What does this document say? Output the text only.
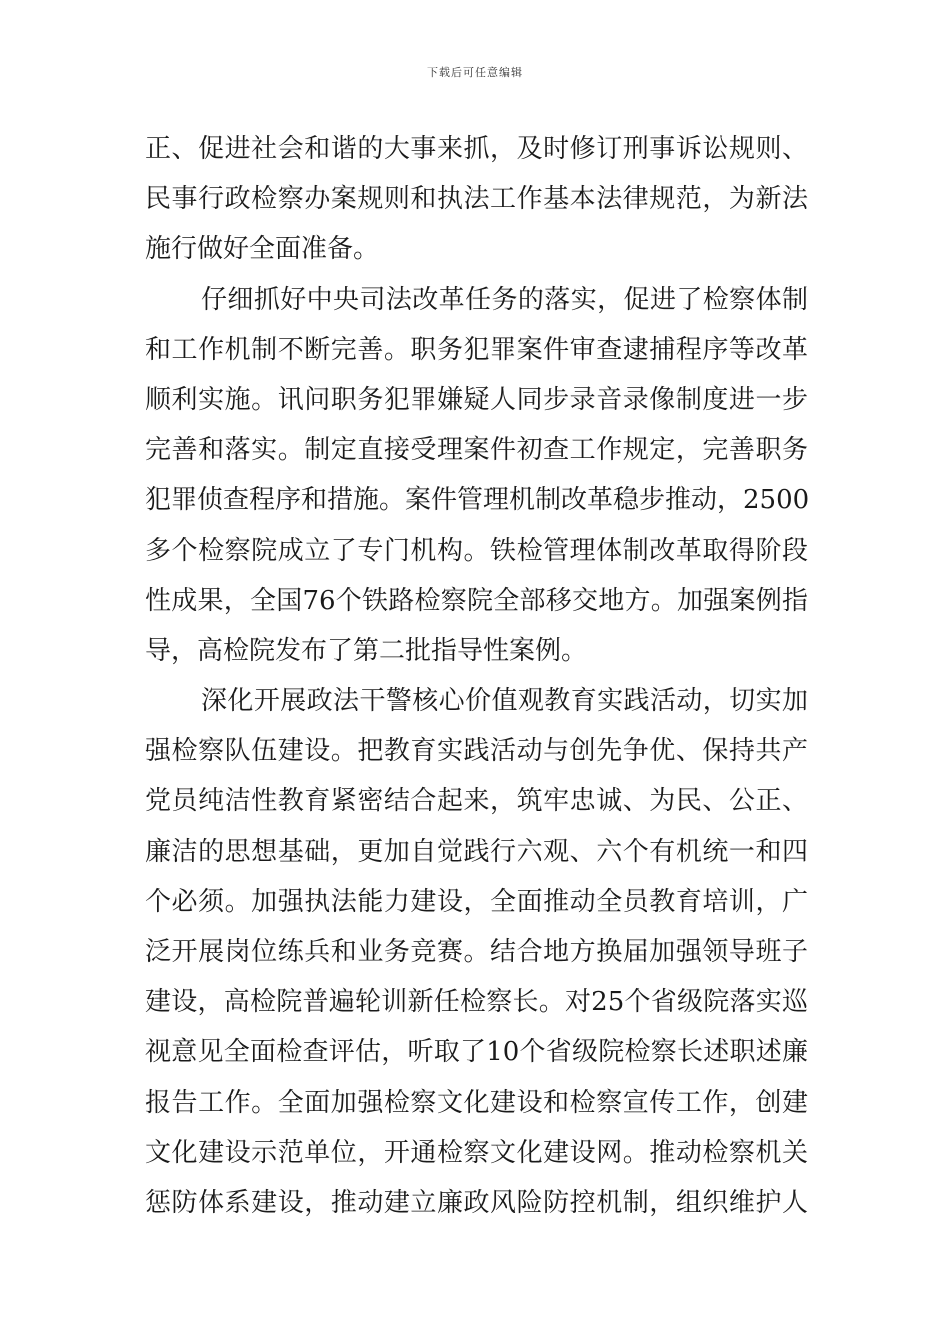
下载后可任意编辑
正、促进社会和谐的大事来抓，及时修订刑事诉讼规则、
民事行政检察办案规则和执法工作基本法律规范，为新法
施行做好全面准备。
仔细抓好中央司法改革任务的落实，促进了检察体制
和工作机制不断完善。职务犯罪案件审查逮捕程序等改革
顺利实施。讯问职务犯罪嫌疑人同步录音录像制度进一步
完善和落实。制定直接受理案件初查工作规定，完善职务
犯罪侦查程序和措施。案件管理机制改革稳步推动，2500
多个检察院成立了专门机构。铁检管理体制改革取得阶段
性成果，全国76个铁路检察院全部移交地方。加强案例指
导，高检院发布了第二批指导性案例。
深化开展政法干警核心价值观教育实践活动，切实加
强检察队伍建设。把教育实践活动与创先争优、保持共产
党员纯洁性教育紧密结合起来，筑牢忠诚、为民、公正、
廉洁的思想基础，更加自觉践行六观、六个有机统一和四
个必须。加强执法能力建设，全面推动全员教育培训，广
泛开展岗位练兵和业务竞赛。结合地方换届加强领导班子
建设，高检院普遍轮训新任检察长。对25个省级院落实巡
视意见全面检查评估，听取了10个省级院检察长述职述廉
报告工作。全面加强检察文化建设和检察宣传工作，创建
文化建设示范单位，开通检察文化建设网。推动检察机关
惩防体系建设，推动建立廉政风险防控机制，组织维护人
